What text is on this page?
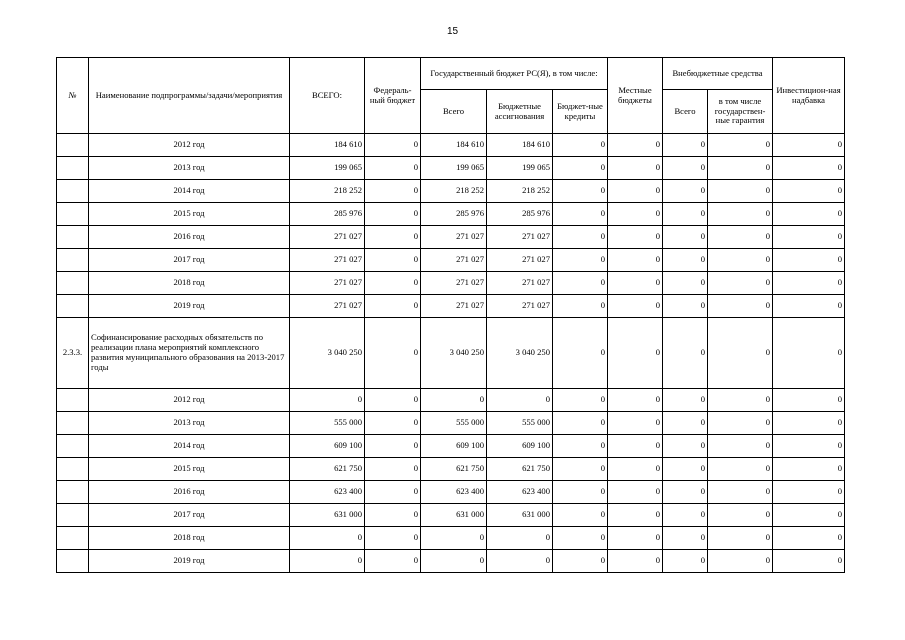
15
№	Наименование подпрограммы/задачи/мероприятия	ВСЕГО:	Федераль-ный бюджет	Государственный бюджет РС(Я), в том числе:			Местные бюджеты	Внебюджетные средства		Инвестицион-ная надбавка
				Всего	Бюджетные ассигнования	Бюджет-ные кредиты		Всего	в том числе государствен-ные гарантия	
	2012 год	184 610	0	184 610	184 610	0	0	0	0	0
	2013 год	199 065	0	199 065	199 065	0	0	0	0	0
	2014 год	218 252	0	218 252	218 252	0	0	0	0	0
	2015 год	285 976	0	285 976	285 976	0	0	0	0	0
	2016 год	271 027	0	271 027	271 027	0	0	0	0	0
	2017 год	271 027	0	271 027	271 027	0	0	0	0	0
	2018 год	271 027	0	271 027	271 027	0	0	0	0	0
	2019 год	271 027	0	271 027	271 027	0	0	0	0	0
2.3.3.	Софинансирование расходных обязательств по реализации плана мероприятий комплексного развития муниципального образования на 2013-2017 годы	3 040 250	0	3 040 250	3 040 250	0	0	0	0	0
	2012 год	0	0	0	0	0	0	0	0	0
	2013 год	555 000	0	555 000	555 000	0	0	0	0	0
	2014 год	609 100	0	609 100	609 100	0	0	0	0	0
	2015 год	621 750	0	621 750	621 750	0	0	0	0	0
	2016 год	623 400	0	623 400	623 400	0	0	0	0	0
	2017 год	631 000	0	631 000	631 000	0	0	0	0	0
	2018 год	0	0	0	0	0	0	0	0	0
	2019 год	0	0	0	0	0	0	0	0	0
